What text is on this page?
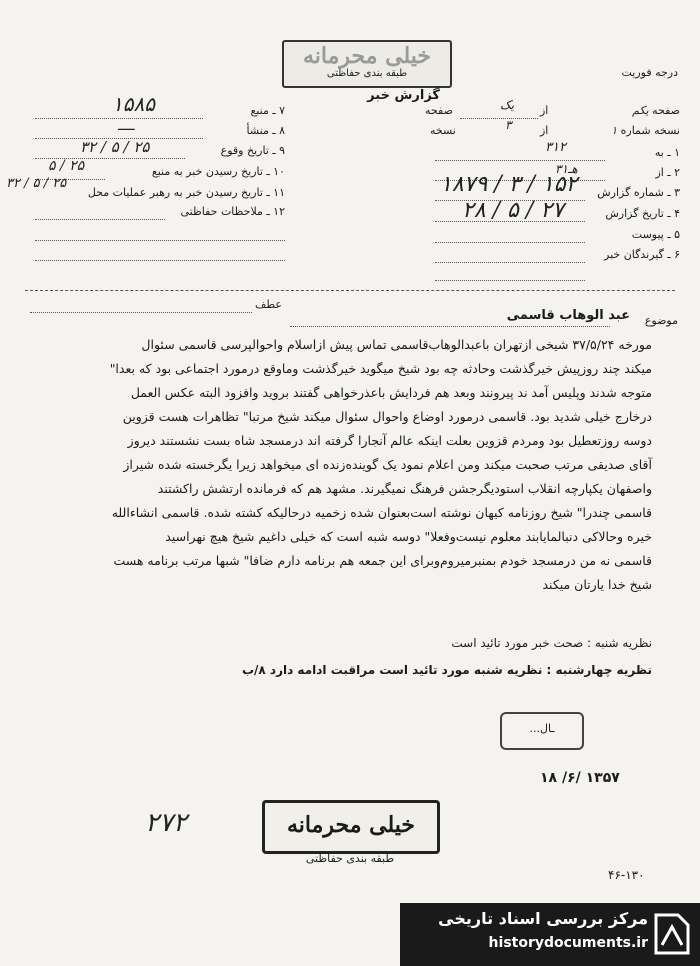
خیلی محرمانه
طبقه بندی حفاظتی
گزارش خبر
درجه فوریت
۷ ـ منبع
۱۵۸۵
۸ ـ منشأ
ــــ
۹ ـ تاریخ وقوع
۳۲ / ۵ / ۲۵
۱۰ ـ تاریخ رسیدن خبر به منبع
۵ / ۲۵
۱۱ ـ تاریخ رسیدن خبر به رهبر عملیات محل
۳۲ / ۵ / ۲۵
۱۲ ـ ملاحظات حفاظتی
صفحه یکم
از
یک
صفحه
نسخه شماره ۱
از
۳
نسخه
۱ ـ به
۳۱۲
۲ ـ از
۳هـ۱
۳ ـ شماره گزارش
۱۸۷۹ / ۳ / ۱۵۲
۴ ـ تاریخ گزارش
۲۸ / ۵ / ۲۷
۵ ـ پیوست
۶ ـ گیرندگان خبر
موضوع
عبد الوهاب قاسمی
عطف

مورخه ۳۷/۵/۲۴ شیخی ازتهران باعبدالوهاب‌قاسمی تماس پیش ازاسلام واحوالپرسی قاسمی سئوال

میکند چند روزپیش خیرگذشت وحادثه چه بود شیخ میگوید خیرگذشت وماوقع درمورد اجتماعی بود که بعدا"

متوجه شدند وپلیس آمد ند پیرونند وبعد هم فردایش باعذرخواهی گفتند بروید وافزود البته عکس العمل

درخارج خیلی شدید بود. قاسمی درمورد اوضاع واحوال سئوال میکند شیخ مرتبا" تظاهرات هست قزوین

دوسه روزتعطیل بود ومردم قزوین بعلت اینکه عالم آنجارا گرفته اند درمسجد شاه بست نشستند دیروز

آقای صدیقی مرتب صحبت میکند ومن اعلام نمود یک گوینده‌زنده ای میخواهد زیرا یگرخسته شده شیراز

واصفهان یکپارچه انقلاب استودیگرجشن فرهنگ نمیگیرند. مشهد هم که فرمانده ارتشش راکشتند

قاسمی چندرا" شیخ روزنامه کیهان نوشته است‌بعنوان شده زخمیه درحالیکه کشته شده. قاسمی انشاءالله

خیره وحالاکی دنبالمایابند معلوم نیست‌وفعلا" دوسه شبه است که خیلی داغیم شیخ هیچ نهراسید

قاسمی نه من درمسجد خودم بمنبرمیروم‌وبرای این جمعه هم برنامه دارم ضافا" شبها مرتب برنامه هست

شیخ خدا یارتان میکند

نظریه شنبه : صحت خبر مورد تائید است
نظریه چهارشنبه : نظریه شنبه مورد تائید است مراقبت ادامه دارد ۸/ب
...ـال
۱۸ /۶/ ۱۳۵۷
۲۷۲	خیلی محرمانه
طبقه بندی حفاظتی
۴۶-۱۳۰
مرکز بررسی اسناد تاریخی
historydocuments.ir
